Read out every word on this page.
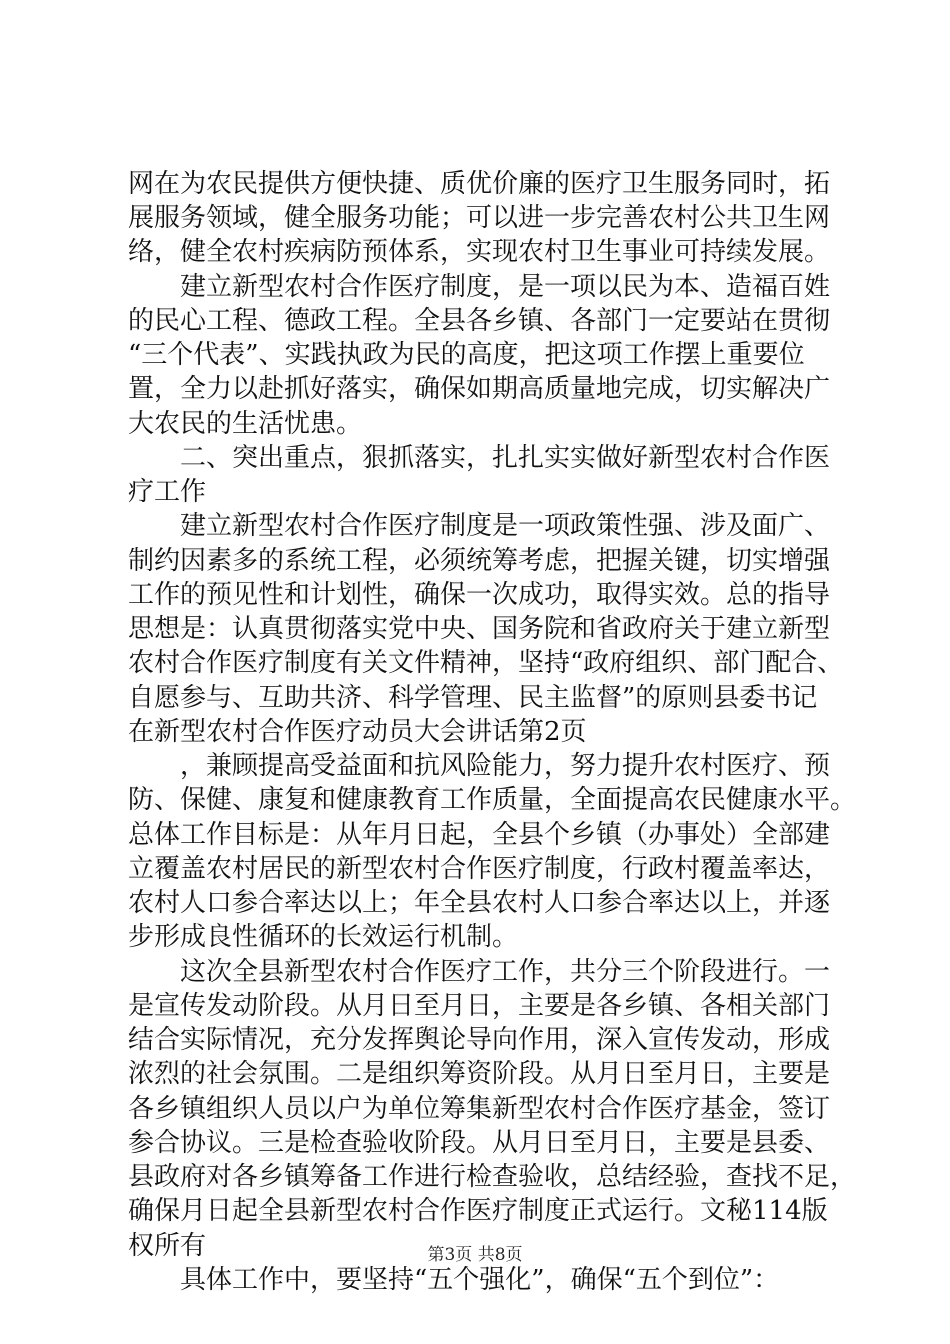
网在为农民提供方便快捷、质优价廉的医疗卫生服务同时，拓
展服务领域，健全服务功能；可以进一步完善农村公共卫生网
络，健全农村疾病防预体系，实现农村卫生事业可持续发展。
　　建立新型农村合作医疗制度，是一项以民为本、造福百姓
的民心工程、德政工程。全县各乡镇、各部门一定要站在贯彻
“三个代表”、实践执政为民的高度，把这项工作摆上重要位
置，全力以赴抓好落实，确保如期高质量地完成，切实解决广
大农民的生活忧患。
　　二、突出重点，狠抓落实，扎扎实实做好新型农村合作医
疗工作
　　建立新型农村合作医疗制度是一项政策性强、涉及面广、
制约因素多的系统工程，必须统筹考虑，把握关键，切实增强
工作的预见性和计划性，确保一次成功，取得实效。总的指导
思想是：认真贯彻落实党中央、国务院和省政府关于建立新型
农村合作医疗制度有关文件精神，坚持“政府组织、部门配合、
自愿参与、互助共济、科学管理、民主监督”的原则县委书记
在新型农村合作医疗动员大会讲话第2页
　　，兼顾提高受益面和抗风险能力，努力提升农村医疗、预
防、保健、康复和健康教育工作质量，全面提高农民健康水平。
总体工作目标是：从年月日起，全县个乡镇（办事处）全部建
立覆盖农村居民的新型农村合作医疗制度，行政村覆盖率达，
农村人口参合率达以上；年全县农村人口参合率达以上，并逐
步形成良性循环的长效运行机制。
　　这次全县新型农村合作医疗工作，共分三个阶段进行。一
是宣传发动阶段。从月日至月日，主要是各乡镇、各相关部门
结合实际情况，充分发挥舆论导向作用，深入宣传发动，形成
浓烈的社会氛围。二是组织筹资阶段。从月日至月日，主要是
各乡镇组织人员以户为单位筹集新型农村合作医疗基金，签订
参合协议。三是检查验收阶段。从月日至月日，主要是县委、
县政府对各乡镇筹备工作进行检查验收，总结经验，查找不足，
确保月日起全县新型农村合作医疗制度正式运行。文秘114版
权所有
　　具体工作中，要坚持“五个强化”，确保“五个到位”：
第3页 共8页
